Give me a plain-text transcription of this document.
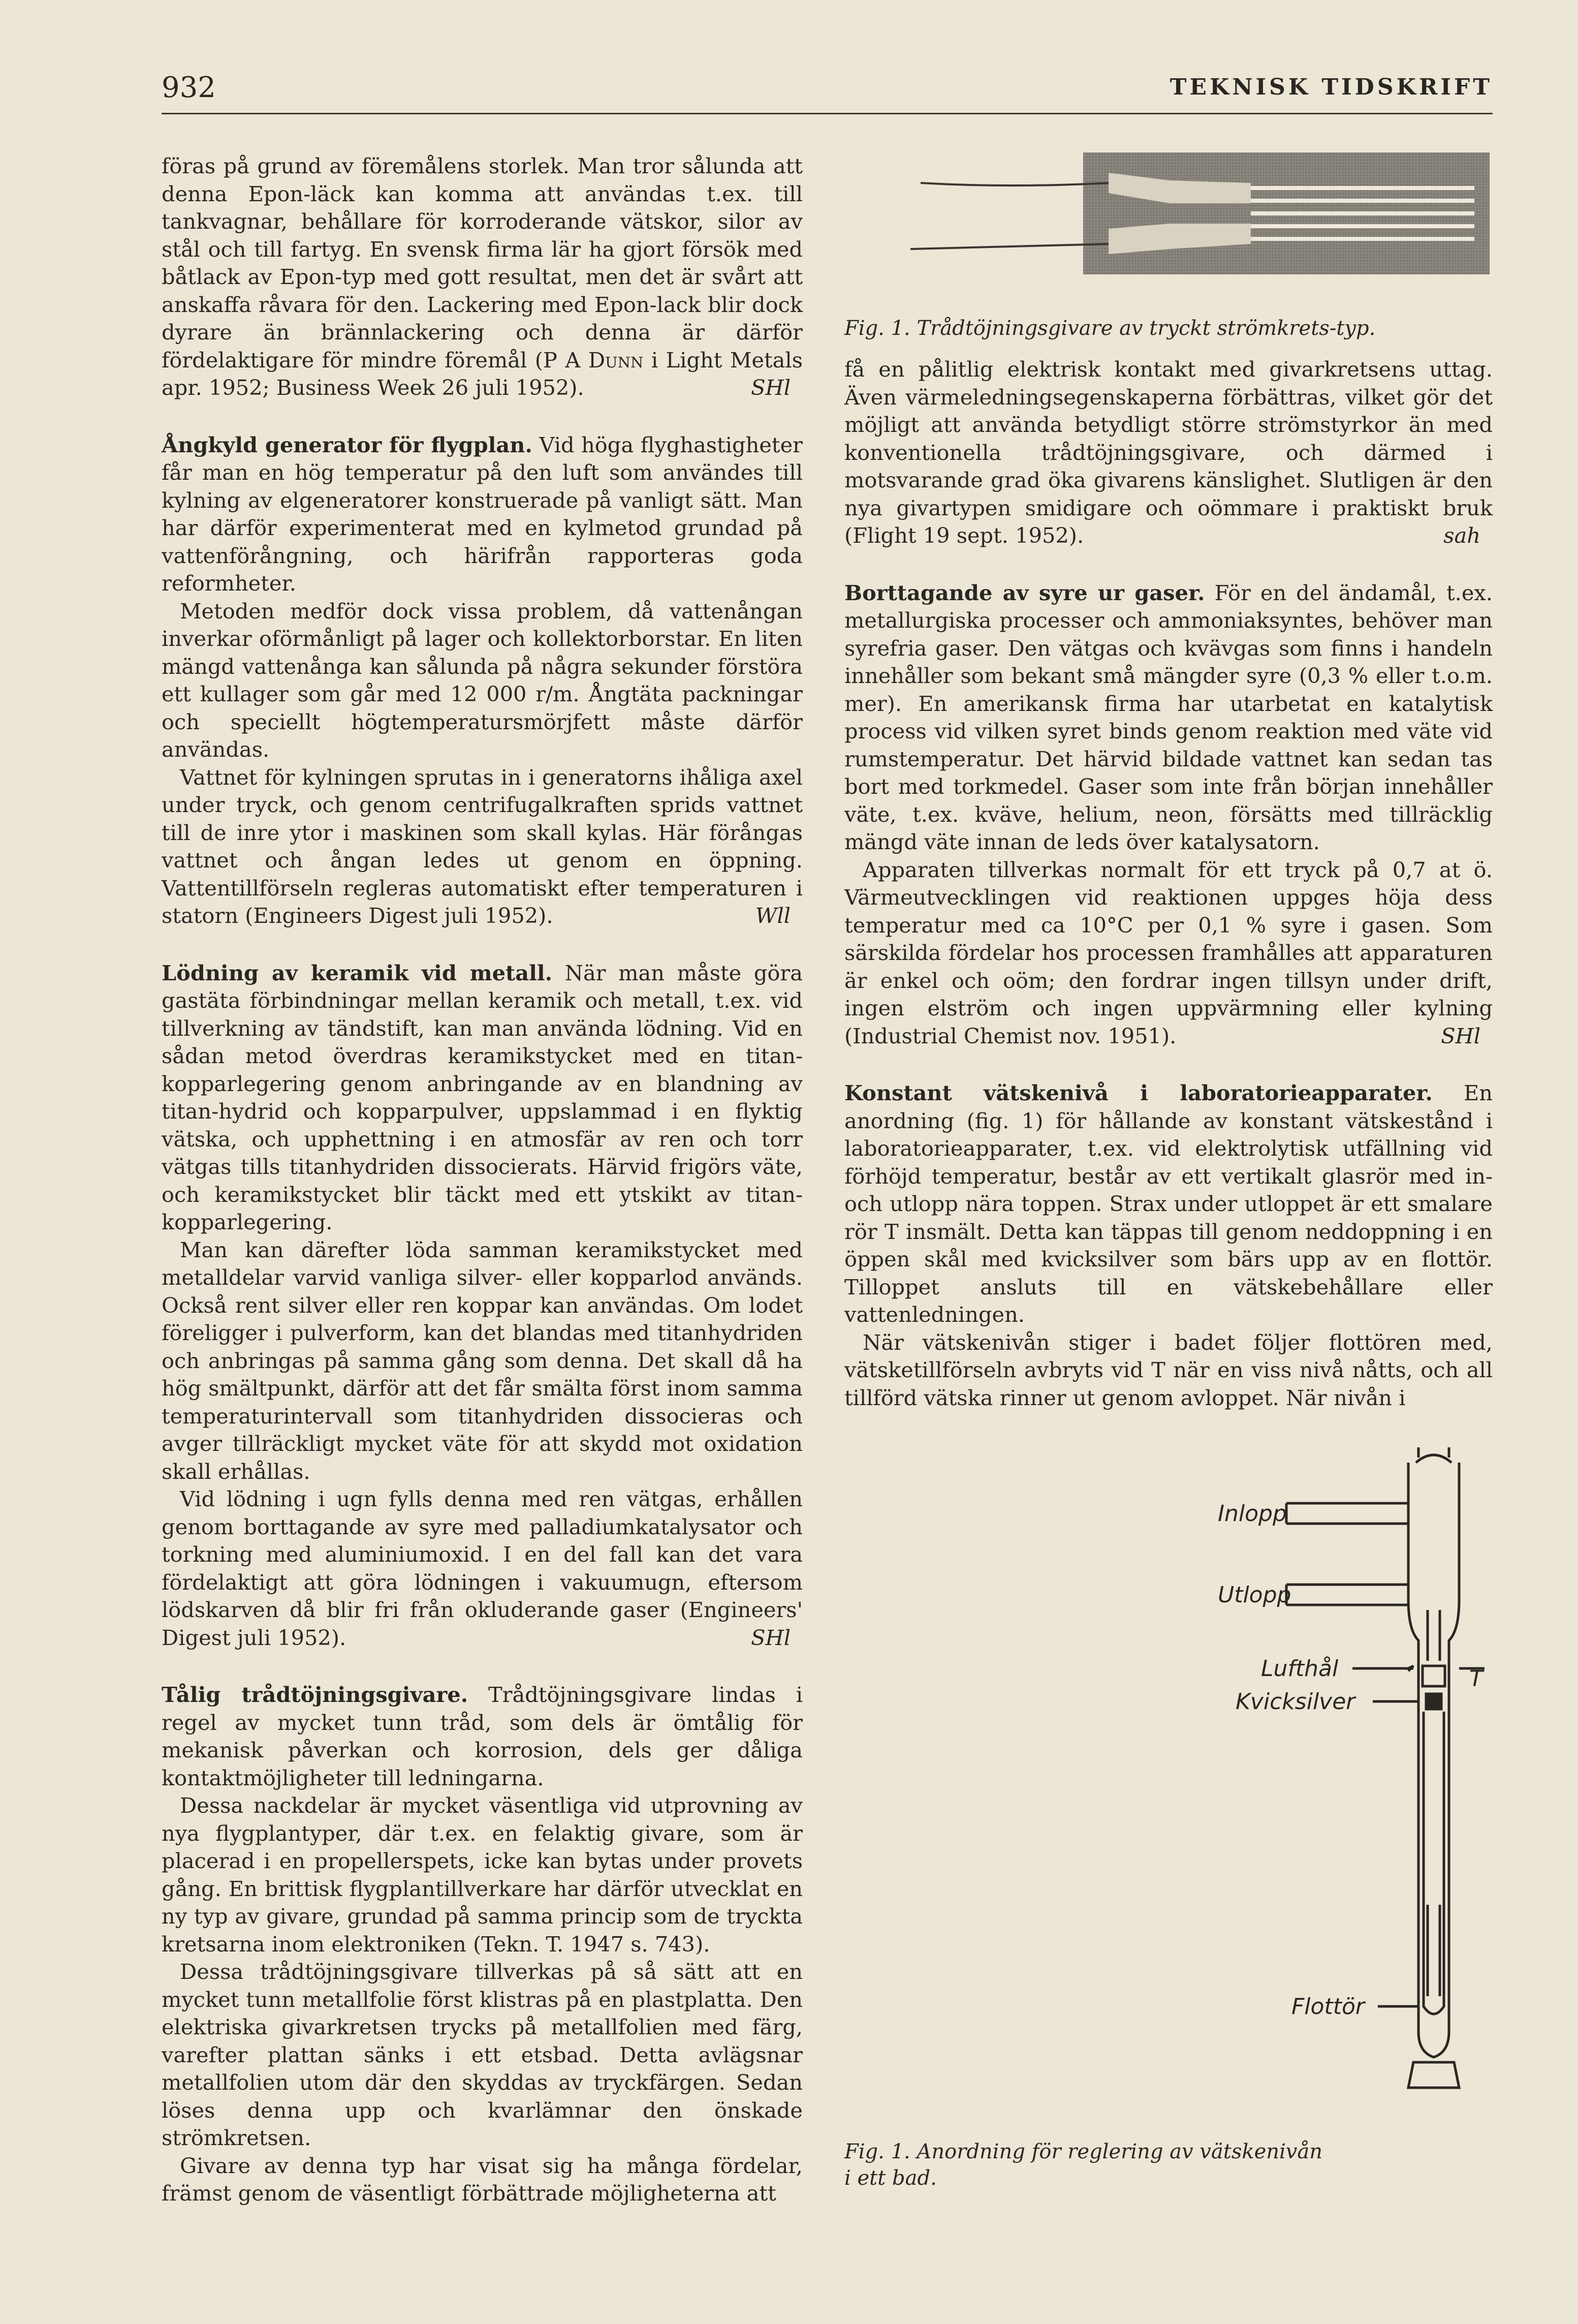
932	TEKNISK TIDSKRIFT

föras på grund av föremålens storlek. Man tror sålunda att denna Epon-läck kan komma att användas t.ex. till tankvagnar, behållare för korroderande vätskor, silor av stål och till fartyg. En svensk firma lär ha gjort försök med båtlack av Epon-typ med gott resultat, men det är svårt att anskaffa råvara för den. Lackering med Epon-lack blir dock dyrare än brännlackering och denna är därför fördelaktigare för mindre föremål (P A Dunn i Light Metals apr. 1952; Business Week 26 juli 1952).	SHl

Ångkyld generator för flygplan. Vid höga flyghastigheter får man en hög temperatur på den luft som användes till kylning av elgeneratorer konstruerade på vanligt sätt. Man har därför experimenterat med en kylmetod grundad på vattenförångning, och härifrån rapporteras goda reformheter.

Metoden medför dock vissa problem, då vattenångan inverkar oförmånligt på lager och kollektorborstar. En liten mängd vattenånga kan sålunda på några sekunder förstöra ett kullager som går med 12 000 r/m. Ångtäta packningar och speciellt högtemperatursmörjfett måste därför användas.

Vattnet för kylningen sprutas in i generatorns ihåliga axel under tryck, och genom centrifugalkraften sprids vattnet till de inre ytor i maskinen som skall kylas. Här förångas vattnet och ångan ledes ut genom en öppning. Vattentillförseln regleras automatiskt efter temperaturen i statorn (Engineers Digest juli 1952).	Wll

Lödning av keramik vid metall. När man måste göra gastäta förbindningar mellan keramik och metall, t.ex. vid tillverkning av tändstift, kan man använda lödning. Vid en sådan metod överdras keramikstycket med en titan-kopparlegering genom anbringande av en blandning av titan-hydrid och kopparpulver, uppslammad i en flyktig vätska, och upphettning i en atmosfär av ren och torr vätgas tills titanhydriden dissocierats. Härvid frigörs väte, och keramikstycket blir täckt med ett ytskikt av titan-kopparlegering.

Man kan därefter löda samman keramikstycket med metalldelar varvid vanliga silver- eller kopparlod används. Också rent silver eller ren koppar kan användas. Om lodet föreligger i pulverform, kan det blandas med titanhydriden och anbringas på samma gång som denna. Det skall då ha hög smältpunkt, därför att det får smälta först inom samma temperaturintervall som titanhydriden dissocieras och avger tillräckligt mycket väte för att skydd mot oxidation skall erhållas.

Vid lödning i ugn fylls denna med ren vätgas, erhållen genom borttagande av syre med palladiumkatalysator och torkning med aluminiumoxid. I en del fall kan det vara fördelaktigt att göra lödningen i vakuumugn, eftersom lödskarven då blir fri från okluderande gaser (Engineers' Digest juli 1952).	SHl

Tålig trådtöjningsgivare. Trådtöjningsgivare lindas i regel av mycket tunn tråd, som dels är ömtålig för mekanisk påverkan och korrosion, dels ger dåliga kontaktmöjligheter till ledningarna.

Dessa nackdelar är mycket väsentliga vid utprovning av nya flygplantyper, där t.ex. en felaktig givare, som är placerad i en propellerspets, icke kan bytas under provets gång. En brittisk flygplantillverkare har därför utvecklat en ny typ av givare, grundad på samma princip som de tryckta kretsarna inom elektroniken (Tekn. T. 1947 s. 743).

Dessa trådtöjningsgivare tillverkas på så sätt att en mycket tunn metallfolie först klistras på en plastplatta. Den elektriska givarkretsen trycks på metallfolien med färg, varefter plattan sänks i ett etsbad. Detta avlägsnar metallfolien utom där den skyddas av tryckfärgen. Sedan löses denna upp och kvarlämnar den önskade strömkretsen.

Givare av denna typ har visat sig ha många fördelar, främst genom de väsentligt förbättrade möjligheterna att

Fig. 1. Trådtöjningsgivare av tryckt strömkrets-typ.

få en pålitlig elektrisk kontakt med givarkretsens uttag. Även värmeledningsegenskaperna förbättras, vilket gör det möjligt att använda betydligt större strömstyrkor än med konventionella trådtöjningsgivare, och därmed i motsvarande grad öka givarens känslighet. Slutligen är den nya givartypen smidigare och oömmare i praktiskt bruk (Flight 19 sept. 1952).	sah

Borttagande av syre ur gaser. För en del ändamål, t.ex. metallurgiska processer och ammoniaksyntes, behöver man syrefria gaser. Den vätgas och kvävgas som finns i handeln innehåller som bekant små mängder syre (0,3 % eller t.o.m. mer). En amerikansk firma har utarbetat en katalytisk process vid vilken syret binds genom reaktion med väte vid rumstemperatur. Det härvid bildade vattnet kan sedan tas bort med torkmedel. Gaser som inte från början innehåller väte, t.ex. kväve, helium, neon, försätts med tillräcklig mängd väte innan de leds över katalysatorn.

Apparaten tillverkas normalt för ett tryck på 0,7 at ö. Värmeutvecklingen vid reaktionen uppges höja dess temperatur med ca 10°C per 0,1 % syre i gasen. Som särskilda fördelar hos processen framhålles att apparaturen är enkel och oöm; den fordrar ingen tillsyn under drift, ingen elström och ingen uppvärmning eller kylning (Industrial Chemist nov. 1951).	SHl

Konstant vätskenivå i laboratorieapparater. En anordning (fig. 1) för hållande av konstant vätskestånd i laboratorieapparater, t.ex. vid elektrolytisk utfällning vid förhöjd temperatur, består av ett vertikalt glasrör med in- och utlopp nära toppen. Strax under utloppet är ett smalare rör T insmält. Detta kan täppas till genom neddoppning i en öppen skål med kvicksilver som bärs upp av en flottör. Tilloppet ansluts till en vätskebehållare eller vattenledningen.

När vätskenivån stiger i badet följer flottören med, vätsketillförseln avbryts vid T när en viss nivå nåtts, och all tillförd vätska rinner ut genom avloppet. När nivån i

Inlopp
Utlopp
Lufthål	T
Kvicksilver
Flottör
Fig. 1. Anordning för reglering av vätskenivån i ett bad.
